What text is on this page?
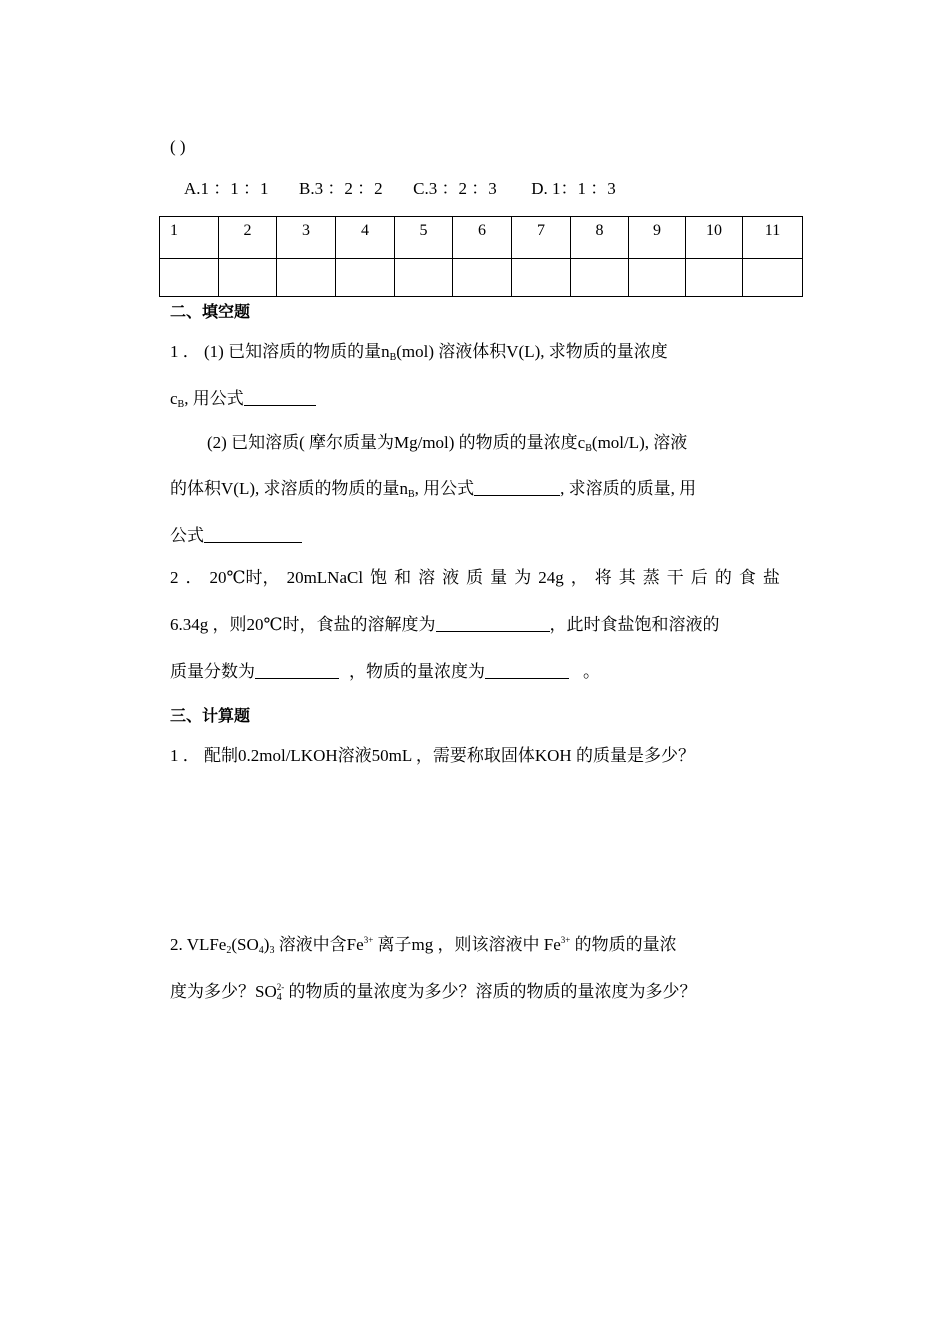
( )
A.1 ：1 ：1 B.3 ：2 ：2 C.3 ：2 ：3 D. 1：1 ：3
1	2	3	4	5	6	7	8	9	10	11

二、填空题
1 ． (1) 已知溶质的物质的量$n_B(mol)$ 溶液体积V(L), 求物质的量浓度
$c_B$, 用公式
(2) 已知溶质( 摩尔质量为Mg/mol) 的物质的量浓度$c_B(mol/L)$, 溶液
的体积V(L), 求溶质的物质的量$n_B$, 用公式	, 求溶质的质量, 用
公式
2 ． 20℃时， 20mLNaCl 饱 和 溶 液 质 量 为 24g ， 将 其 蒸 干 后 的 食 盐
6.34g ，则20℃时，食盐的溶解度为	，此时食盐饱和溶液的
质量分数为	，物质的量浓度为	。
三、计算题
1 ． 配制0.2mol/LKOH溶液50mL ，需要称取固体KOH 的质量是多少？
2. $VLFe_2(SO_4)_3$ 溶液中含$Fe^{3+}$ 离子mg ，则该溶液中 $Fe^{3+}$ 的物质的量浓
度为多少？$SO_4^{2-}$ 的物质的量浓度为多少？溶质的物质的量浓度为多少？
